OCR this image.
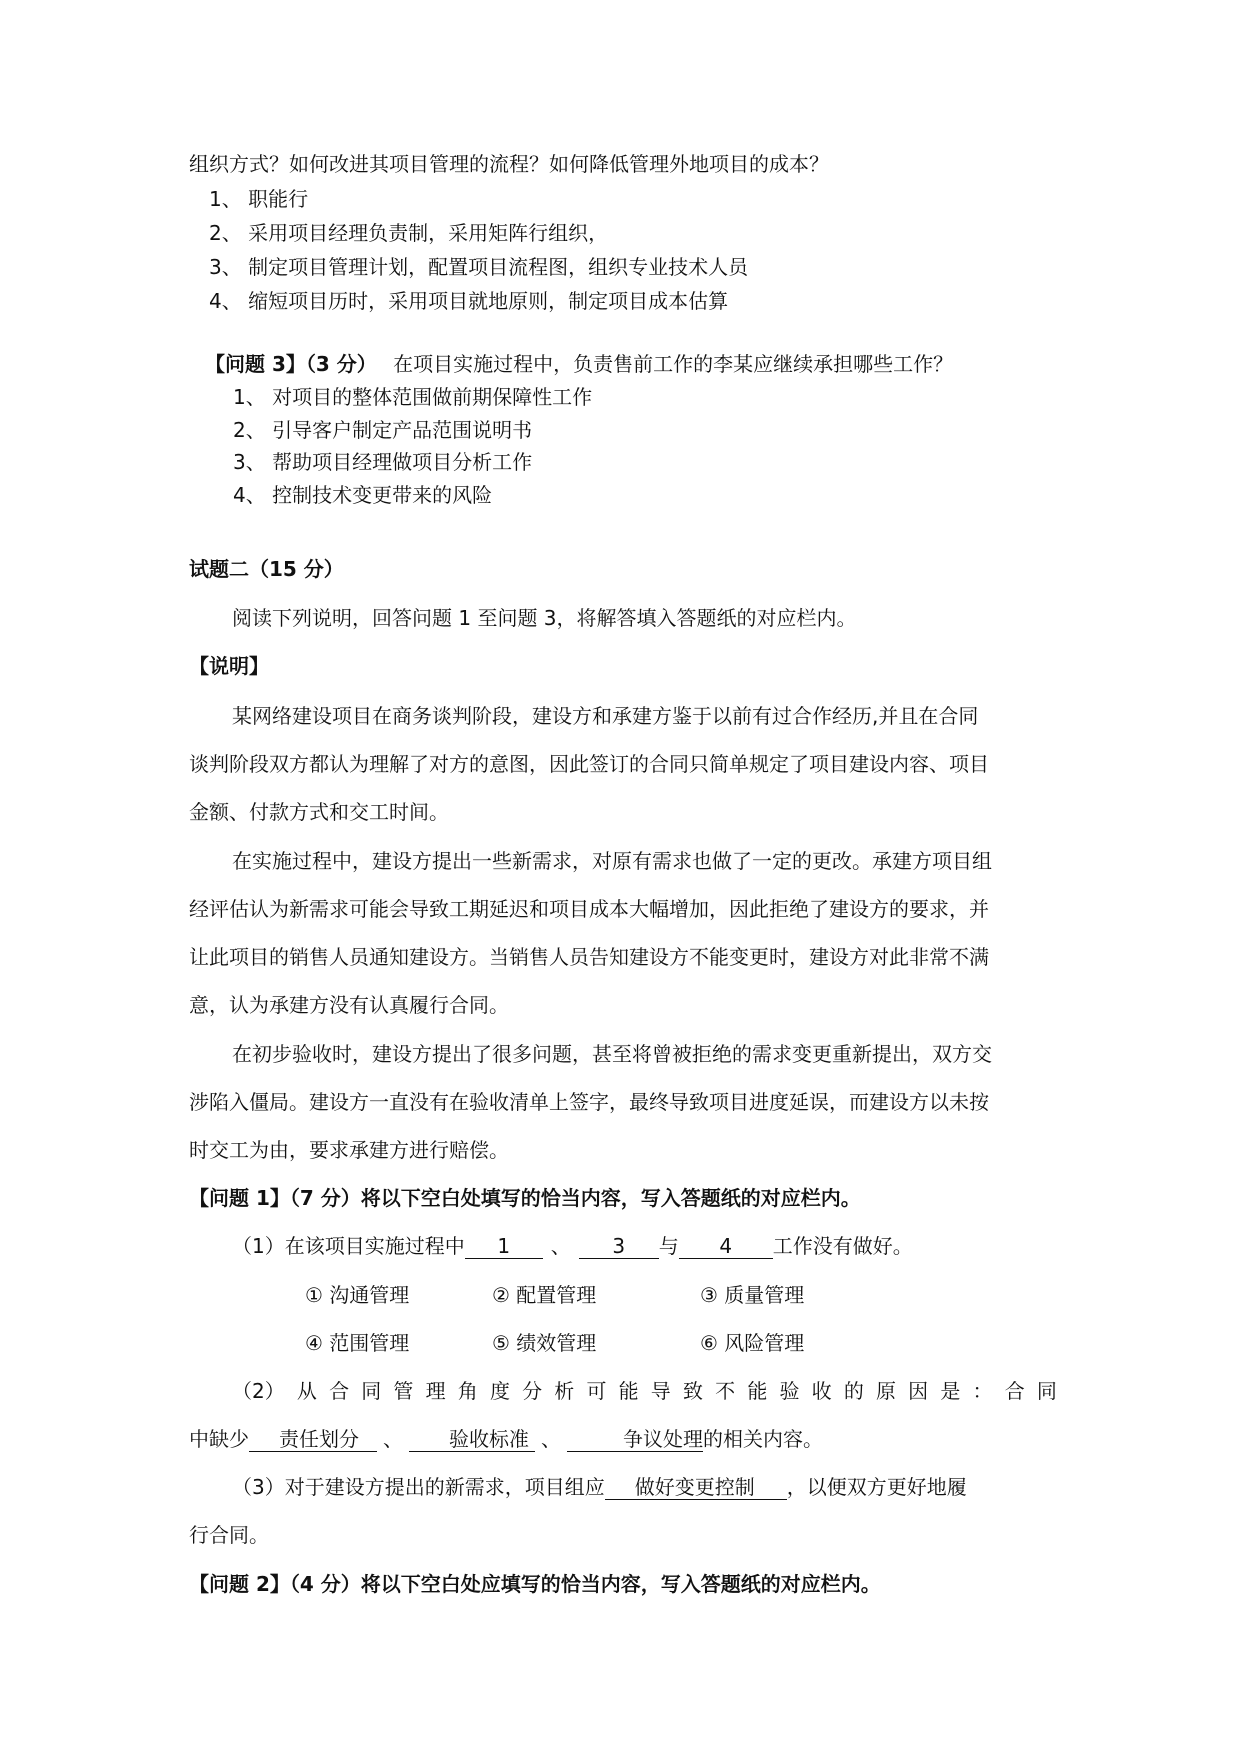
组织方式？如何改进其项目管理的流程？如何降低管理外地项目的成本？
1、 职能行
2、 采用项目经理负责制，采用矩阵行组织，
3、 制定项目管理计划，配置项目流程图，组织专业技术人员
4、 缩短项目历时，采用项目就地原则，制定项目成本估算
【问题 3】（3 分） 在项目实施过程中，负责售前工作的李某应继续承担哪些工作？
1、 对项目的整体范围做前期保障性工作
2、 引导客户制定产品范围说明书
3、 帮助项目经理做项目分析工作
4、 控制技术变更带来的风险
试题二（15 分）
阅读下列说明，回答问题 1 至问题 3，将解答填入答题纸的对应栏内。
【说明】
某网络建设项目在商务谈判阶段，建设方和承建方鉴于以前有过合作经历,并且在合同
谈判阶段双方都认为理解了对方的意图，因此签订的合同只简单规定了项目建设内容、项目
金额、付款方式和交工时间。
在实施过程中，建设方提出一些新需求，对原有需求也做了一定的更改。承建方项目组
经评估认为新需求可能会导致工期延迟和项目成本大幅增加，因此拒绝了建设方的要求，并
让此项目的销售人员通知建设方。当销售人员告知建设方不能变更时，建设方对此非常不满
意，认为承建方没有认真履行合同。
在初步验收时，建设方提出了很多问题，甚至将曾被拒绝的需求变更重新提出，双方交
涉陷入僵局。建设方一直没有在验收清单上签字，最终导致项目进度延误，而建设方以未按
时交工为由，要求承建方进行赔偿。
【问题 1】（7 分）将以下空白处填写的恰当内容，写入答题纸的对应栏内。
（1）在该项目实施过程中 1 、 3 与 4 工作没有做好。
① 沟通管理	② 配置管理	③ 质量管理
④ 范围管理	⑤ 绩效管理	⑥ 风险管理
（2） 从 合 同 管 理 角 度 分 析 可 能 导 致 不 能 验 收 的 原 因 是 ： 合 同
中缺少 责任划分 、 验收标准 、	争议处理的相关内容。
（3）对于建设方提出的新需求，项目组应 做好变更控制 ，以便双方更好地履
行合同。
【问题 2】（4 分）将以下空白处应填写的恰当内容，写入答题纸的对应栏内。
